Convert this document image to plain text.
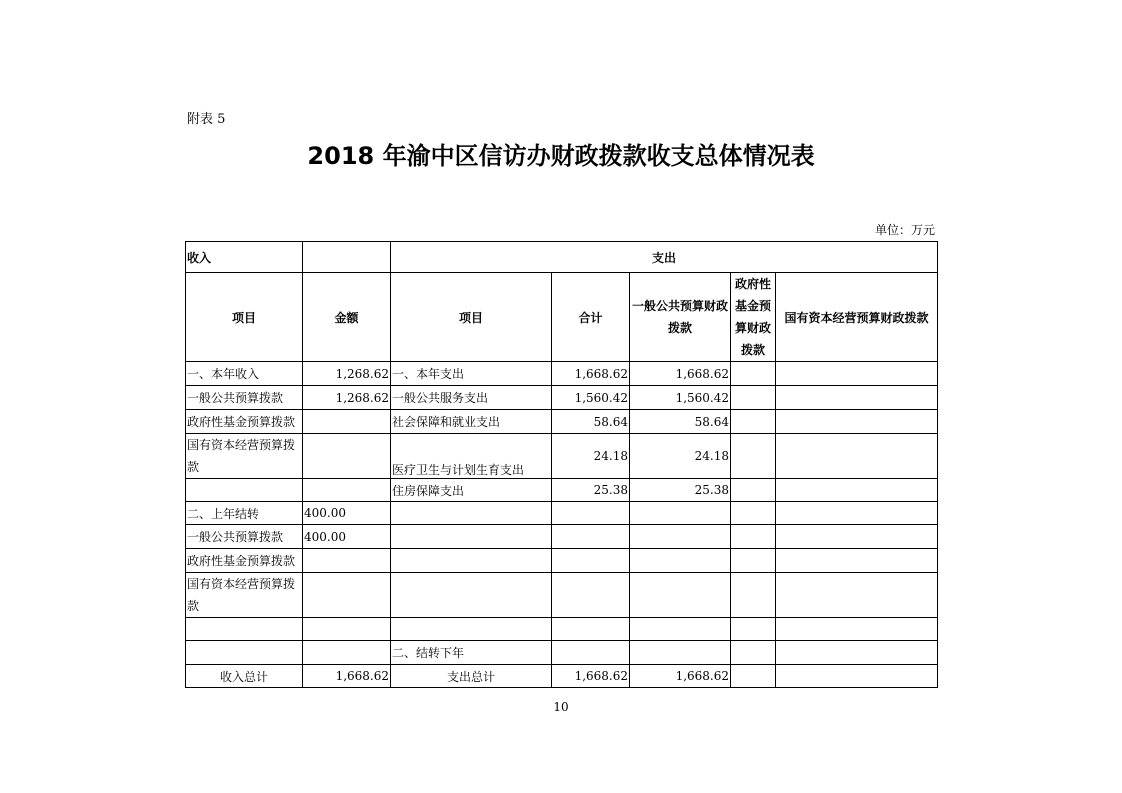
附表 5
2018 年渝中区信访办财政拨款收支总体情况表
单位：万元
收入		支出				
项目	金额	项目	合计	一般公共预算财政拨款	政府性基金预算财政拨款	国有资本经营预算财政拨款
一、本年收入	1,268.62	一、本年支出	1,668.62	1,668.62		
一般公共预算拨款	1,268.62	一般公共服务支出	1,560.42	1,560.42		
政府性基金预算拨款		社会保障和就业支出	58.64	58.64		
国有资本经营预算拨款		医疗卫生与计划生育支出	24.18	24.18		
		住房保障支出	25.38	25.38		
二、上年结转	400.00					
一般公共预算拨款	400.00					
政府性基金预算拨款						
国有资本经营预算拨款						

		二、结转下年				
收入总计	1,668.62	支出总计	1,668.62	1,668.62		
10
